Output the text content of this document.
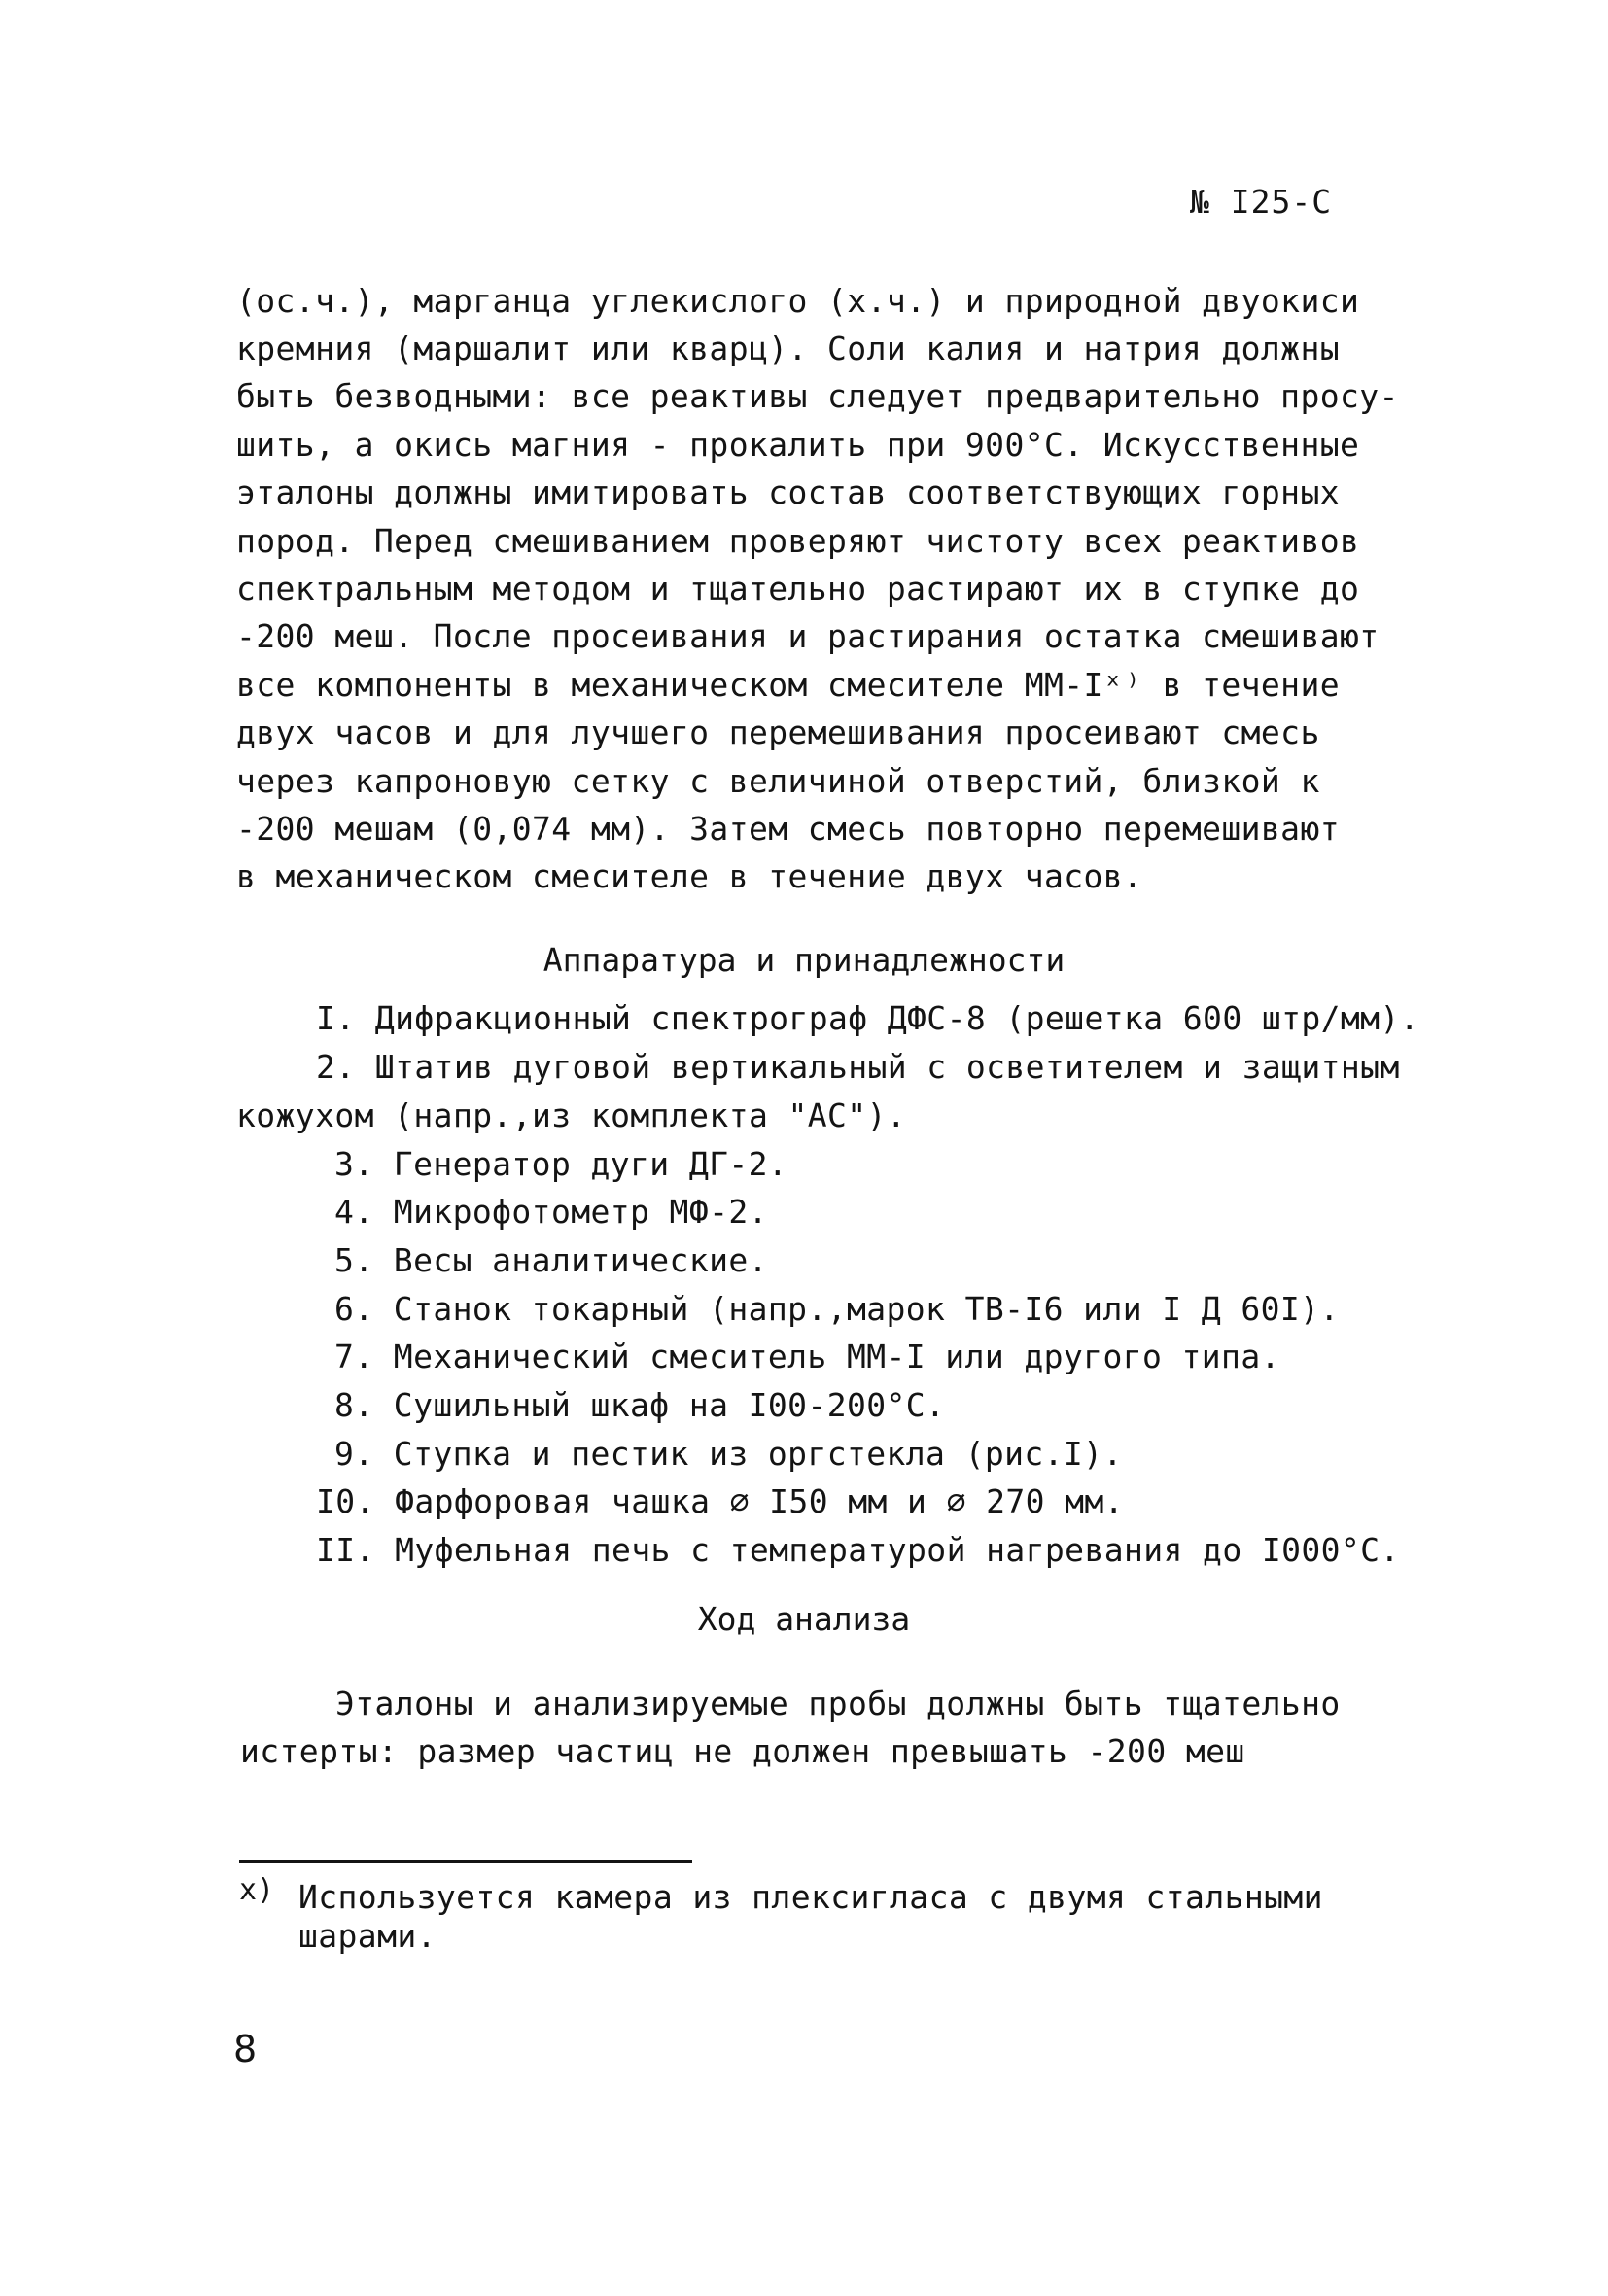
№ I25-C
(ос.ч.), марганца углекислого (х.ч.) и природной двуокиси
кремния (маршалит или кварц). Соли калия и натрия должны
быть безводными: все реактивы следует предварительно просу-
шить, а окись магния - прокалить при 900°С. Искусственные
эталоны должны имитировать состав соответствующих горных
пород. Перед смешиванием проверяют чистоту всех реактивов
спектральным методом и тщательно растирают их в ступке до
-200 меш. После просеивания и растирания остатка смешивают
все компоненты в механическом смесителе ММ-Iˣ⁾ в течение
двух часов и для лучшего перемешивания просеивают смесь
через капроновую сетку с величиной отверстий, близкой к
-200 мешам (0,074 мм). Затем смесь повторно перемешивают
в механическом смесителе в течение двух часов.
Аппаратура и принадлежности
I. Дифракционный спектрограф ДФС-8 (решетка 600 штр/мм).
2. Штатив дуговой вертикальный с осветителем и защитным
кожухом (напр.,из комплекта "АС").
3. Генератор дуги ДГ-2.
4. Микрофотометр МФ-2.
5. Весы аналитические.
6. Станок токарный (напр.,марок ТВ-I6 или I Д 60I).
7. Механический смеситель ММ-I или другого типа.
8. Сушильный шкаф на I00-200°С.
9. Ступка и пестик из оргстекла (рис.I).
I0. Фарфоровая чашка ∅ I50 мм и ∅ 270 мм.
II. Муфельная печь с температурой нагревания до I000°С.
Ход анализа
Эталоны и анализируемые пробы должны быть тщательно
истерты: размер частиц не должен превышать -200 меш
x) Используется камера из плексигласа с двумя стальными
шарами.
8
